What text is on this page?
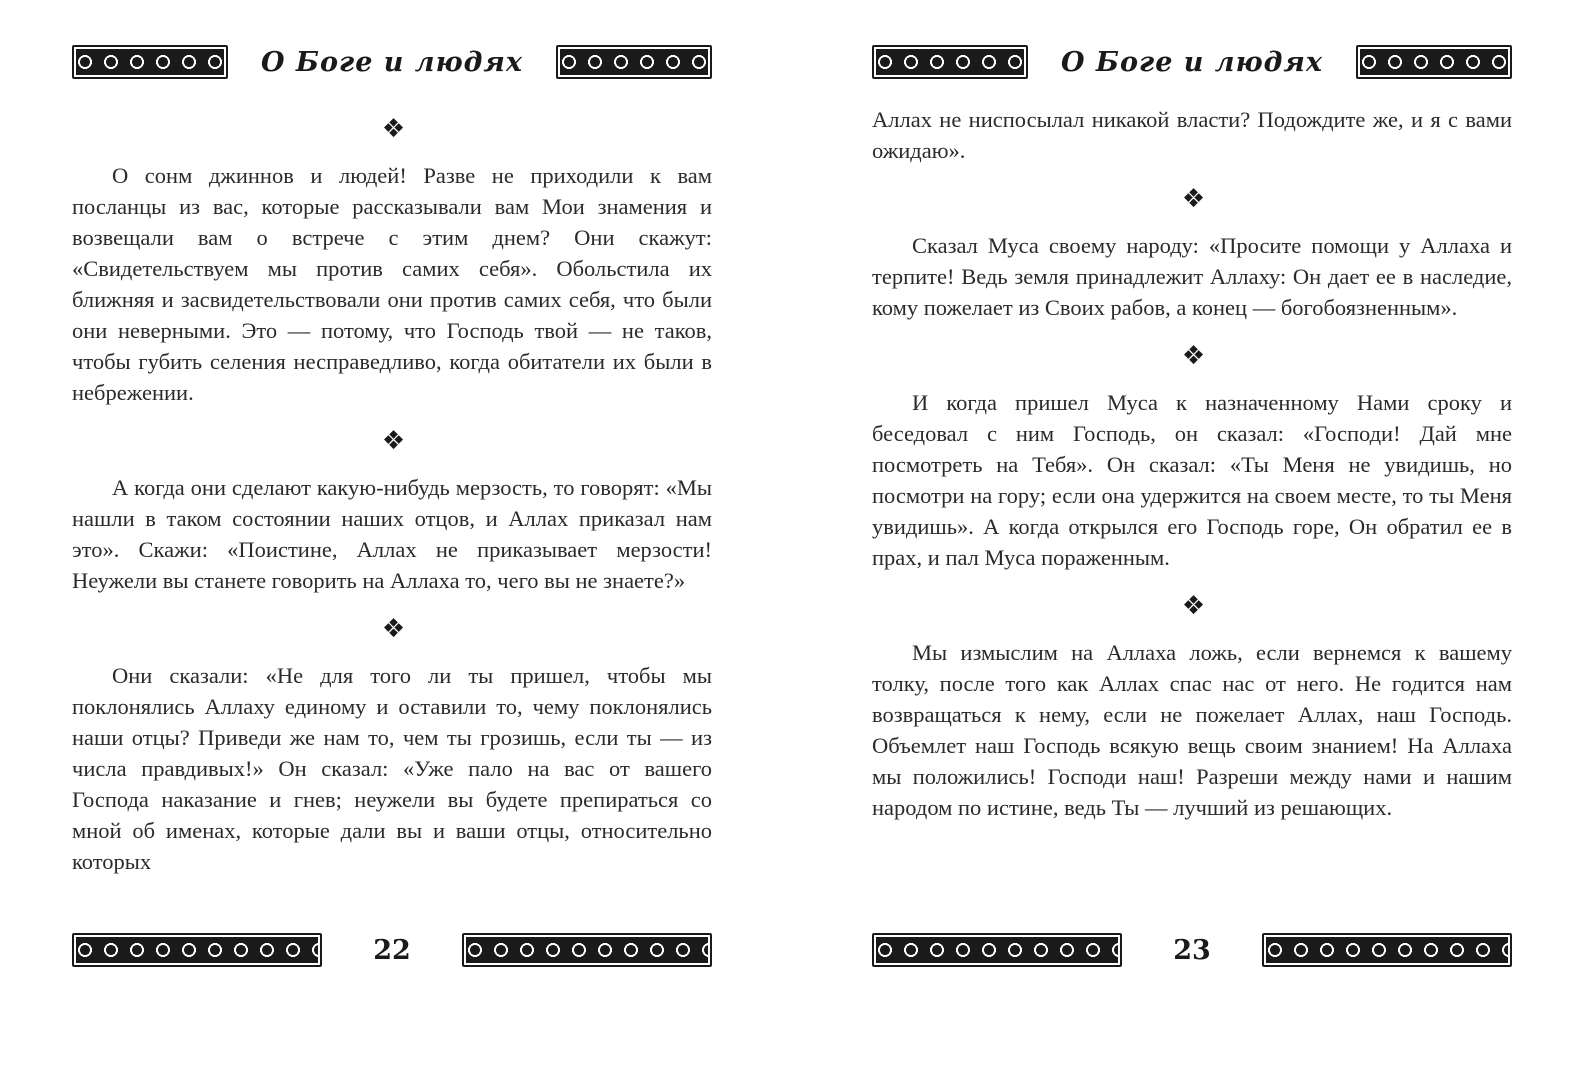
О Боге и людях
❖

О сонм джиннов и людей! Разве не приходили к вам посланцы из вас, которые рассказывали вам Мои знамения и возвещали вам о встрече с этим днем? Они скажут: «Свидетельствуем мы против самих себя». Обольстила их ближняя и засвидетельствовали они против самих себя, что были они неверными. Это — потому, что Господь твой — не таков, чтобы губить селения несправедливо, когда обитатели их были в небрежении.

❖

А когда они сделают какую-нибудь мерзость, то говорят: «Мы нашли в таком состоянии наших отцов, и Аллах приказал нам это». Скажи: «Поистине, Аллах не приказывает мерзости! Неужели вы станете говорить на Аллаха то, чего вы не знаете?»

❖

Они сказали: «Не для того ли ты пришел, чтобы мы поклонялись Аллаху единому и оставили то, чему поклонялись наши отцы? Приведи же нам то, чем ты грозишь, если ты — из числа правдивых!» Он сказал: «Уже пало на вас от вашего Господа наказание и гнев; неужели вы будете препираться со мной об именах, которые дали вы и ваши отцы, относительно которых

22
О Боге и людях

Аллах не ниспосылал никакой власти? Подождите же, и я с вами ожидаю».

❖

Сказал Муса своему народу: «Просите помощи у Аллаха и терпите! Ведь земля принадлежит Аллаху: Он дает ее в наследие, кому пожелает из Своих рабов, а конец — богобоязненным».

❖

И когда пришел Муса к назначенному Нами сроку и беседовал с ним Господь, он сказал: «Господи! Дай мне посмотреть на Тебя». Он сказал: «Ты Меня не увидишь, но посмотри на гору; если она удержится на своем месте, то ты Меня увидишь». А когда открылся его Господь горе, Он обратил ее в прах, и пал Муса пораженным.

❖

Мы измыслим на Аллаха ложь, если вернемся к вашему толку, после того как Аллах спас нас от него. Не годится нам возвращаться к нему, если не пожелает Аллах, наш Господь. Объемлет наш Господь всякую вещь своим знанием! На Аллаха мы положились! Господи наш! Разреши между нами и нашим народом по истине, ведь Ты — лучший из решающих.

23
